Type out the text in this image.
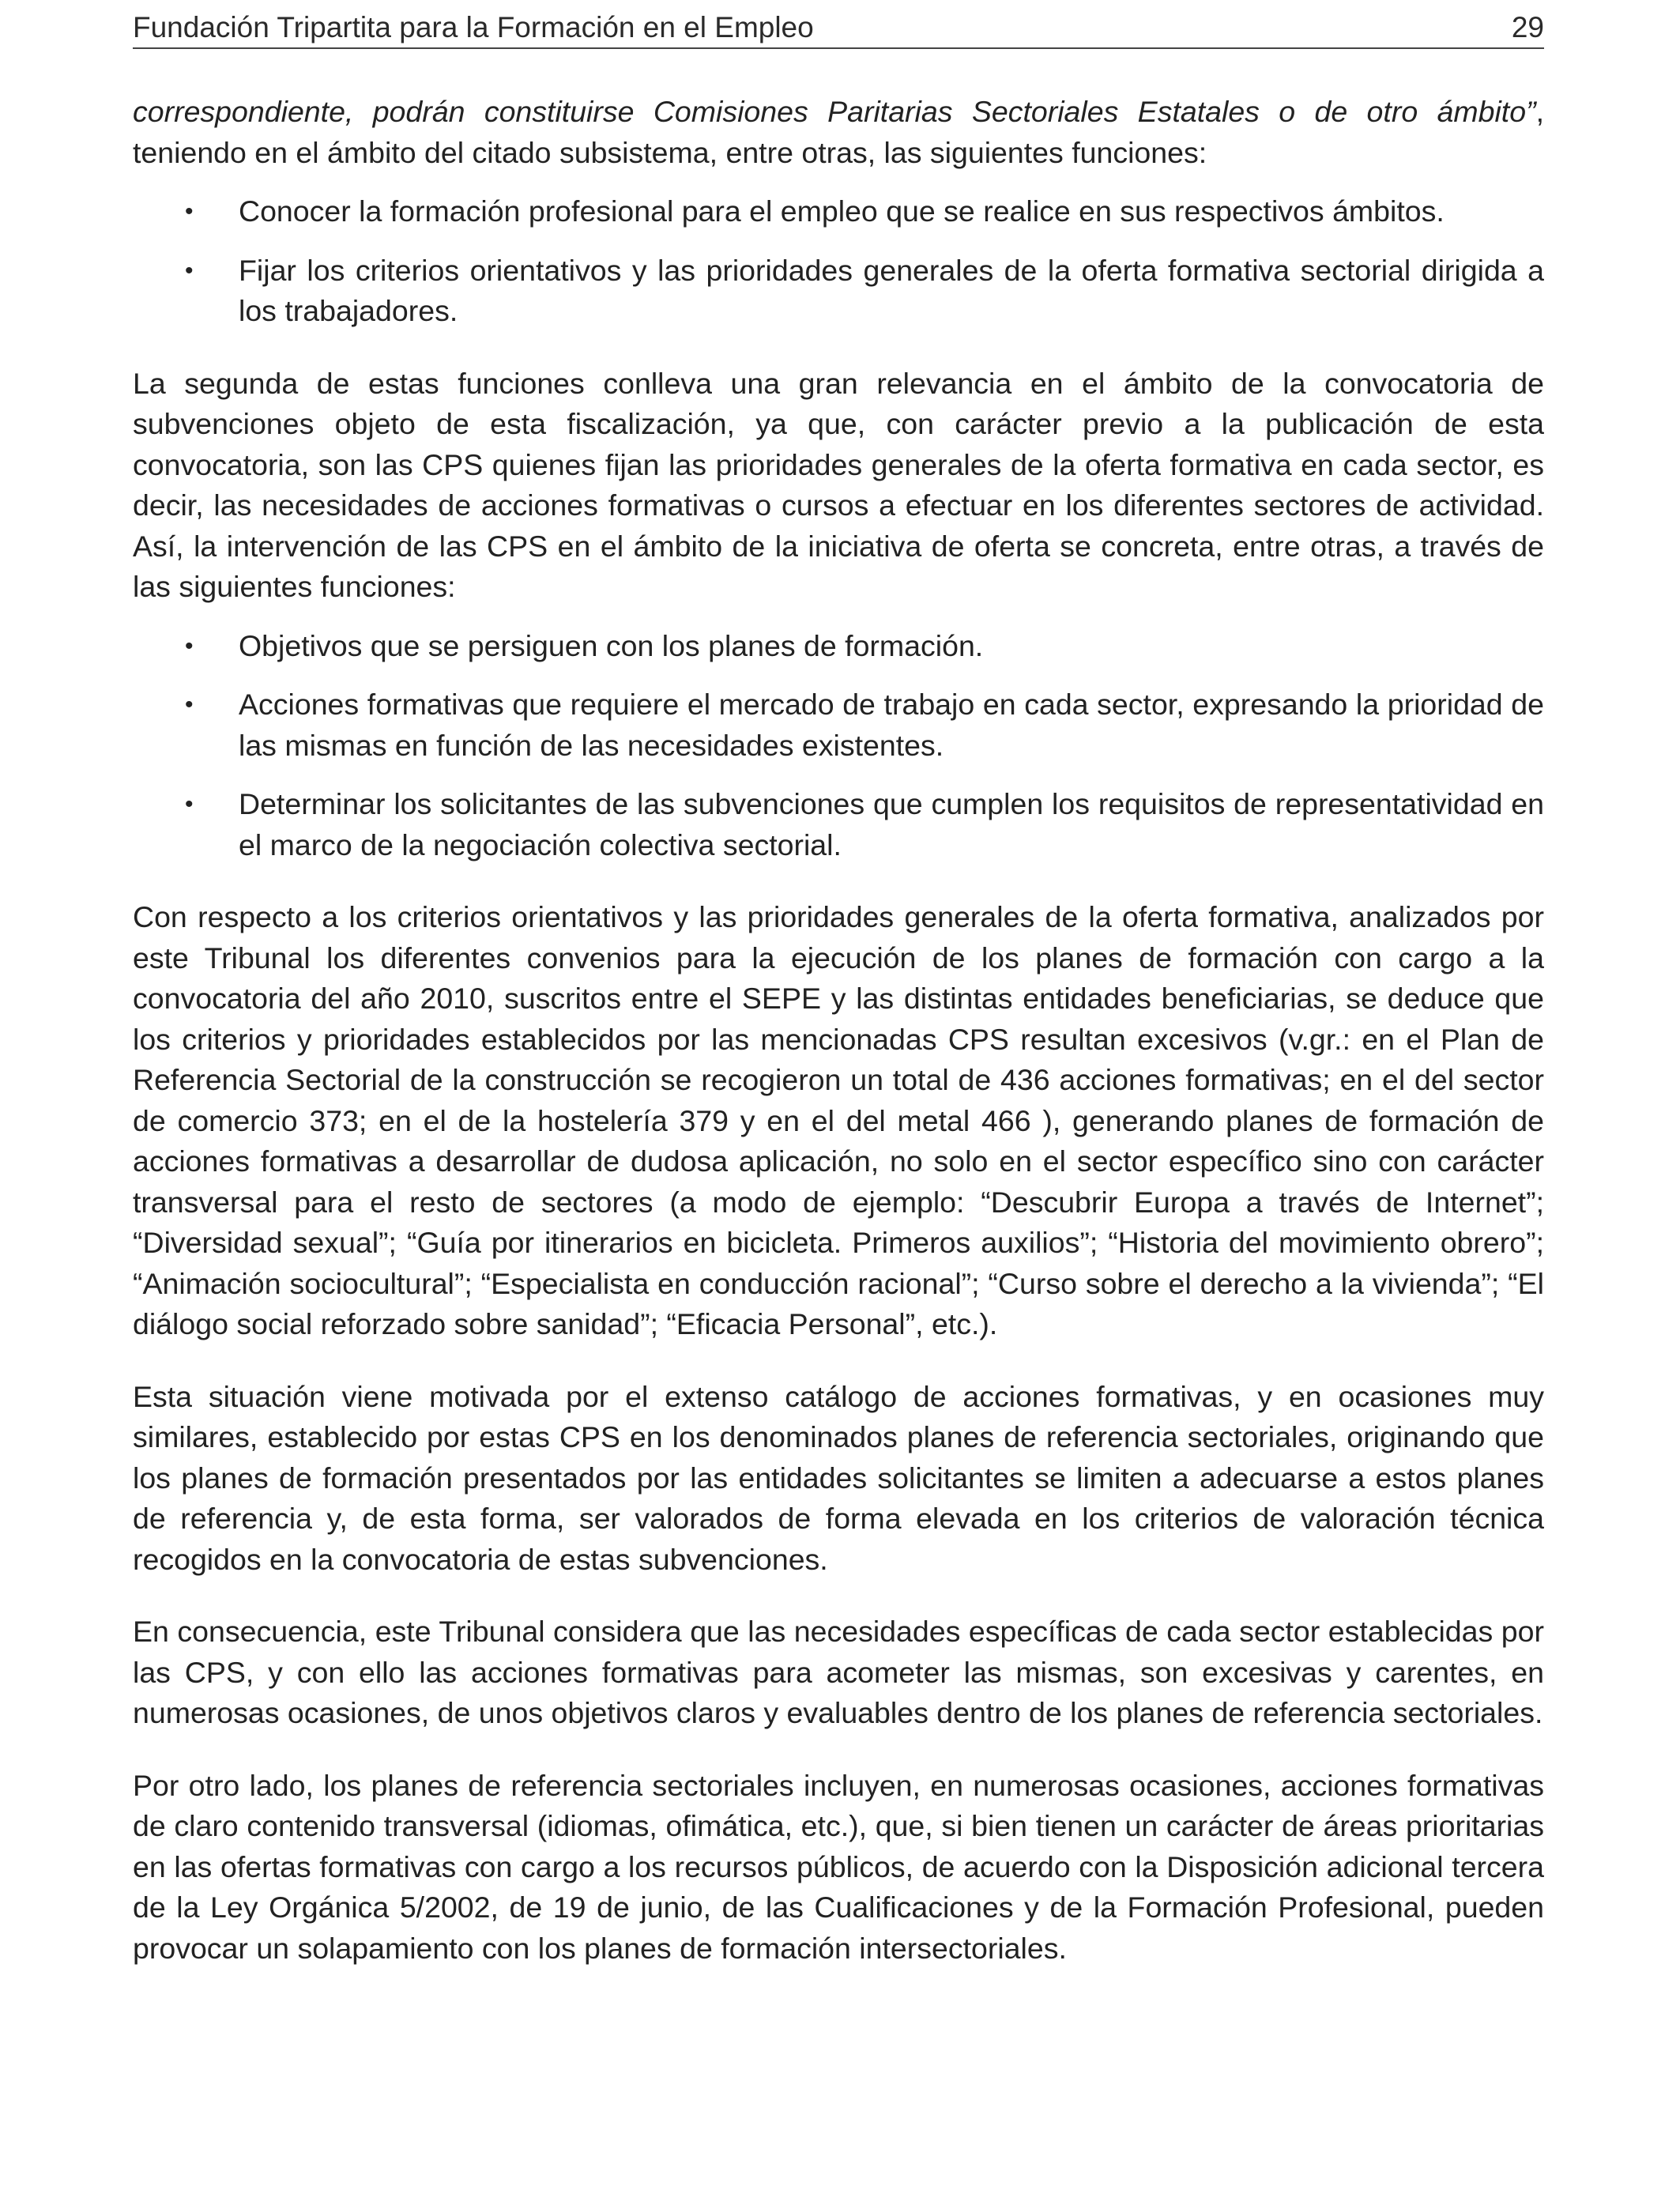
Fundación Tripartita para la Formación en el Empleo	29

correspondiente, podrán constituirse Comisiones Paritarias Sectoriales Estatales o de otro ámbito”, teniendo en el ámbito del citado subsistema, entre otras, las siguientes funciones:

• Conocer la formación profesional para el empleo que se realice en sus respectivos ámbitos.
• Fijar los criterios orientativos y las prioridades generales de la oferta formativa sectorial dirigida a los trabajadores.

La segunda de estas funciones conlleva una gran relevancia en el ámbito de la convocatoria de subvenciones objeto de esta fiscalización, ya que, con carácter previo a la publicación de esta convocatoria, son las CPS quienes fijan las prioridades generales de la oferta formativa en cada sector, es decir, las necesidades de acciones formativas o cursos a efectuar en los diferentes sectores de actividad. Así, la intervención de las CPS en el ámbito de la iniciativa de oferta se concreta, entre otras, a través de las siguientes funciones:

• Objetivos que se persiguen con los planes de formación.
• Acciones formativas que requiere el mercado de trabajo en cada sector, expresando la prioridad de las mismas en función de las necesidades existentes.
• Determinar los solicitantes de las subvenciones que cumplen los requisitos de representatividad en el marco de la negociación colectiva sectorial.

Con respecto a los criterios orientativos y las prioridades generales de la oferta formativa, analizados por este Tribunal los diferentes convenios para la ejecución de los planes de formación con cargo a la convocatoria del año 2010, suscritos entre el SEPE y las distintas entidades beneficiarias, se deduce que los criterios y prioridades establecidos por las mencionadas CPS resultan excesivos (v.gr.: en el Plan de Referencia Sectorial de la construcción se recogieron un total de 436 acciones formativas; en el del sector de comercio 373; en el de la hostelería 379 y en el del metal 466 ), generando planes de formación de acciones formativas a desarrollar de dudosa aplicación, no solo en el sector específico sino con carácter transversal para el resto de sectores (a modo de ejemplo: “Descubrir Europa a través de Internet”; “Diversidad sexual”; “Guía por itinerarios en bicicleta. Primeros auxilios”; “Historia del movimiento obrero”; “Animación sociocultural”; “Especialista en conducción racional”; “Curso sobre el derecho a la vivienda”; “El diálogo social reforzado sobre sanidad”; “Eficacia Personal”, etc.).

Esta situación viene motivada por el extenso catálogo de acciones formativas, y en ocasiones muy similares, establecido por estas CPS en los denominados planes de referencia sectoriales, originando que los planes de formación presentados por las entidades solicitantes se limiten a adecuarse a estos planes de referencia y, de esta forma, ser valorados de forma elevada en los criterios de valoración técnica recogidos en la convocatoria de estas subvenciones.

En consecuencia, este Tribunal considera que las necesidades específicas de cada sector establecidas por las CPS, y con ello las acciones formativas para acometer las mismas, son excesivas y carentes, en numerosas ocasiones, de unos objetivos claros y evaluables dentro de los planes de referencia sectoriales.

Por otro lado, los planes de referencia sectoriales incluyen, en numerosas ocasiones, acciones formativas de claro contenido transversal (idiomas, ofimática, etc.), que, si bien tienen un carácter de áreas prioritarias en las ofertas formativas con cargo a los recursos públicos, de acuerdo con la Disposición adicional tercera de la Ley Orgánica 5/2002, de 19 de junio, de las Cualificaciones y de la Formación Profesional, pueden provocar un solapamiento con los planes de formación intersectoriales.
